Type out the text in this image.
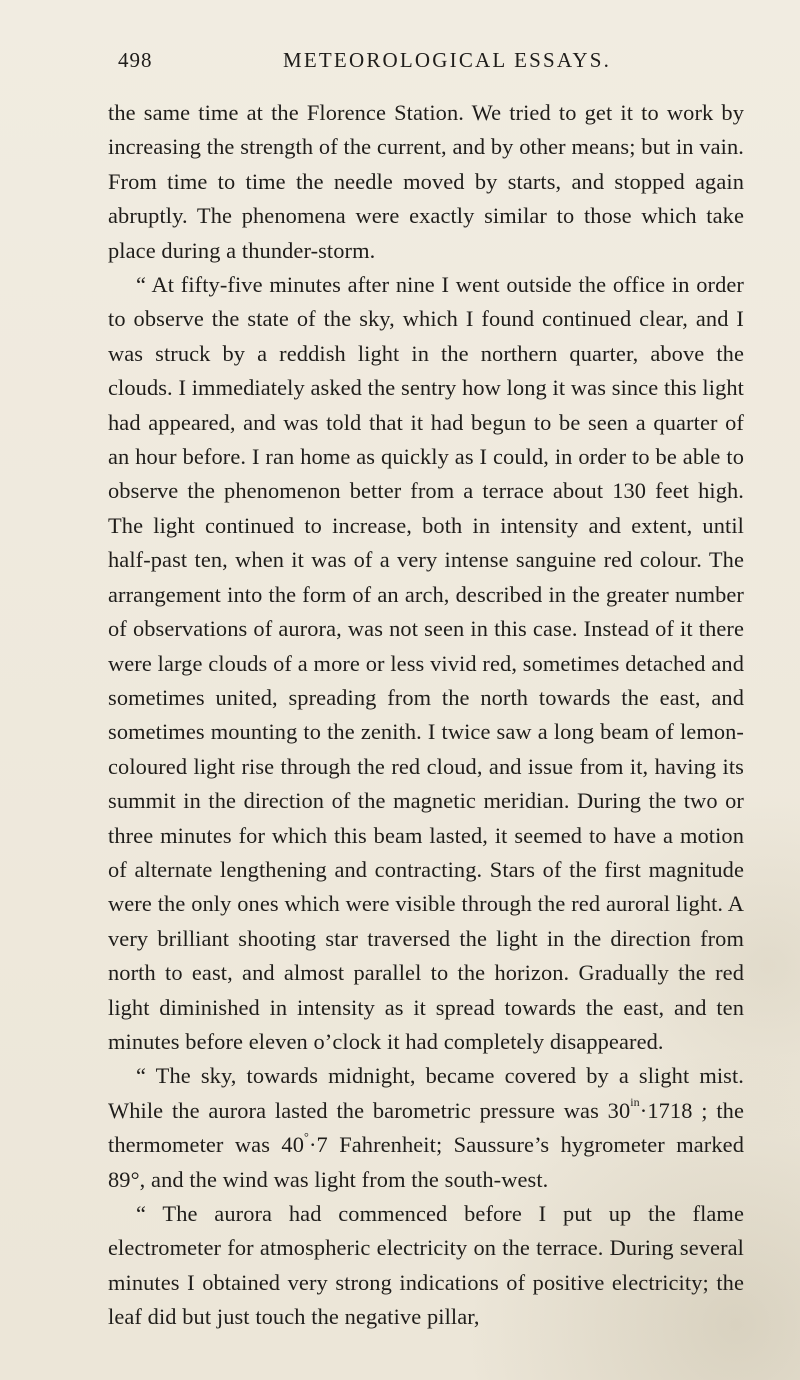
498	METEOROLOGICAL ESSAYS.

the same time at the Florence Station. We tried to get it to work by increasing the strength of the current, and by other means; but in vain. From time to time the needle moved by starts, and stopped again abruptly. The phenomena were exactly similar to those which take place during a thunder-storm.

“ At fifty-five minutes after nine I went outside the office in order to observe the state of the sky, which I found continued clear, and I was struck by a reddish light in the northern quarter, above the clouds. I immediately asked the sentry how long it was since this light had appeared, and was told that it had begun to be seen a quarter of an hour before. I ran home as quickly as I could, in order to be able to observe the phenomenon better from a terrace about 130 feet high. The light continued to increase, both in intensity and extent, until half-past ten, when it was of a very intense sanguine red colour. The arrangement into the form of an arch, described in the greater number of observations of aurora, was not seen in this case. Instead of it there were large clouds of a more or less vivid red, sometimes detached and sometimes united, spreading from the north towards the east, and sometimes mounting to the zenith. I twice saw a long beam of lemon-coloured light rise through the red cloud, and issue from it, having its summit in the direction of the magnetic meridian. During the two or three minutes for which this beam lasted, it seemed to have a motion of alternate lengthening and contracting. Stars of the first magnitude were the only ones which were visible through the red auroral light. A very brilliant shooting star traversed the light in the direction from north to east, and almost parallel to the horizon. Gradually the red light diminished in intensity as it spread towards the east, and ten minutes before eleven o’clock it had completely disappeared.

“ The sky, towards midnight, became covered by a slight mist. While the aurora lasted the barometric pressure was $30^{in}\cdot 1718$ ; the thermometer was 40°·7 Fahrenheit; Saussure’s hygrometer marked 89°, and the wind was light from the south-west.

“ The aurora had commenced before I put up the flame electrometer for atmospheric electricity on the terrace. During several minutes I obtained very strong indications of positive electricity; the leaf did but just touch the negative pillar,
